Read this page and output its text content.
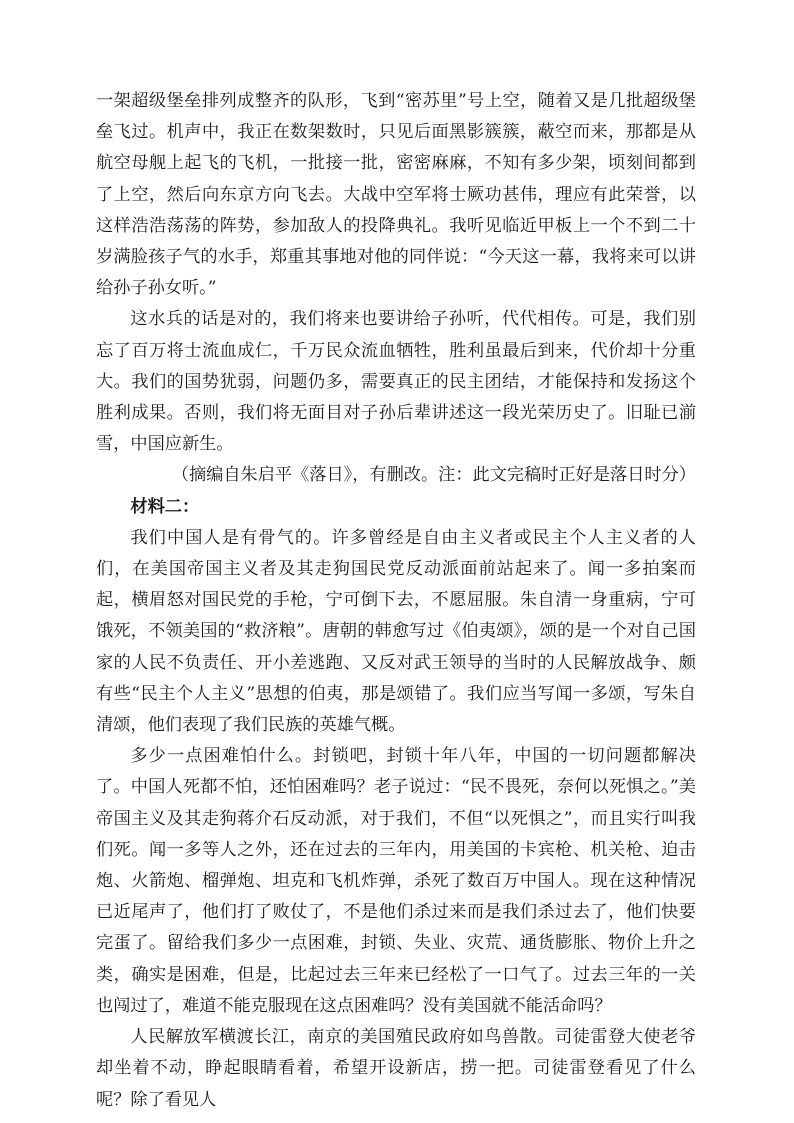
一架超级堡垒排列成整齐的队形，飞到“密苏里”号上空，随着又是几批超级堡垒飞过。机声中，我正在数架数时，只见后面黑影簇簇，蔽空而来，那都是从航空母舰上起飞的飞机，一批接一批，密密麻麻，不知有多少架，顷刻间都到了上空，然后向东京方向飞去。大战中空军将士厥功甚伟，理应有此荣誉，以这样浩浩荡荡的阵势，参加敌人的投降典礼。我听见临近甲板上一个不到二十岁满脸孩子气的水手，郑重其事地对他的同伴说：“今天这一幕，我将来可以讲给孙子孙女听。”

这水兵的话是对的，我们将来也要讲给子孙听，代代相传。可是，我们别忘了百万将士流血成仁，千万民众流血牺牲，胜利虽最后到来，代价却十分重大。我们的国势犹弱，问题仍多，需要真正的民主团结，才能保持和发扬这个胜利成果。否则，我们将无面目对子孙后辈讲述这一段光荣历史了。旧耻已湔雪，中国应新生。

（摘编自朱启平《落日》，有删改。注：此文完稿时正好是落日时分）

材料二：

我们中国人是有骨气的。许多曾经是自由主义者或民主个人主义者的人们，在美国帝国主义者及其走狗国民党反动派面前站起来了。闻一多拍案而起，横眉怒对国民党的手枪，宁可倒下去，不愿屈服。朱自清一身重病，宁可饿死，不领美国的“救济粮”。唐朝的韩愈写过《伯夷颂》，颂的是一个对自己国家的人民不负责任、开小差逃跑、又反对武王领导的当时的人民解放战争、颇有些“民主个人主义”思想的伯夷，那是颂错了。我们应当写闻一多颂，写朱自清颂，他们表现了我们民族的英雄气概。

多少一点困难怕什么。封锁吧，封锁十年八年，中国的一切问题都解决了。中国人死都不怕，还怕困难吗？老子说过：“民不畏死，奈何以死惧之。”美帝国主义及其走狗蒋介石反动派，对于我们，不但“以死惧之”，而且实行叫我们死。闻一多等人之外，还在过去的三年内，用美国的卡宾枪、机关枪、迫击炮、火箭炮、榴弹炮、坦克和飞机炸弹，杀死了数百万中国人。现在这种情况已近尾声了，他们打了败仗了，不是他们杀过来而是我们杀过去了，他们快要完蛋了。留给我们多少一点困难，封锁、失业、灾荒、通货膨胀、物价上升之类，确实是困难，但是，比起过去三年来已经松了一口气了。过去三年的一关也闯过了，难道不能克服现在这点困难吗？没有美国就不能活命吗？

人民解放军横渡长江，南京的美国殖民政府如鸟兽散。司徒雷登大使老爷却坐着不动，睁起眼睛看着，希望开设新店，捞一把。司徒雷登看见了什么呢？除了看见人
